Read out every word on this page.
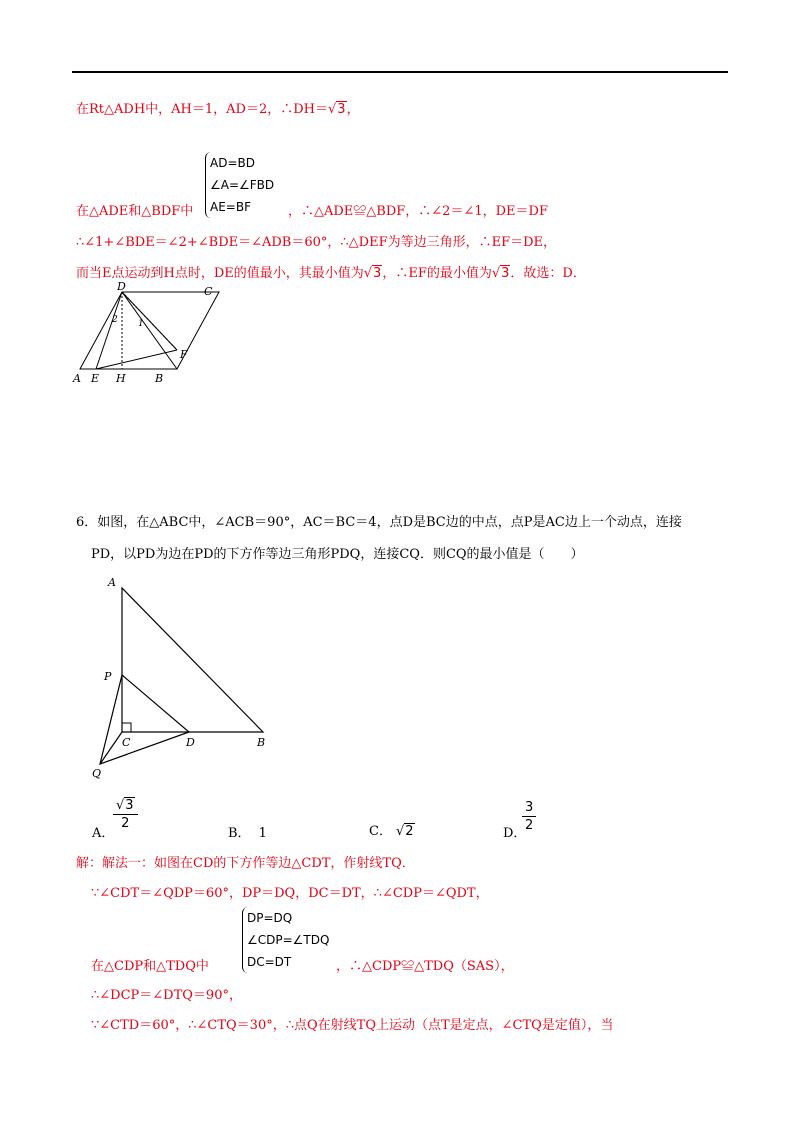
在Rt△ADH中，AH＝1，AD＝2，∴DH＝√3，
AD=BD
∠A=∠FBD
AE=BF
在△ADE和△BDF中	，∴△ADE≌△BDF，∴∠2＝∠1，DE＝DF
∴∠1+∠BDE＝∠2+∠BDE＝∠ADB＝60°，∴△DEF为等边三角形，∴EF＝DE，
而当E点运动到H点时，DE的值最小，其最小值为√3，∴EF的最小值为√3．故选：D．
D	C
A E H	B
F
1
2
6．如图，在△ABC中，∠ACB＝90°，AC＝BC＝4，点D是BC边的中点，点P是AC边上一个动点，连接
PD，以PD为边在PD的下方作等边三角形PDQ，连接CQ．则CQ的最小值是（　　）
A
P
C	D	B
Q
A．
$\frac{√3}{2}$
B． 1	C． √2	D．
$\frac{3}{2}$
解：解法一：如图在CD的下方作等边△CDT，作射线TQ．
∵∠CDT＝∠QDP＝60°，DP＝DQ，DC＝DT，∴∠CDP＝∠QDT，
DP=DQ
∠CDP=∠TDQ
DC=DT
在△CDP和△TDQ中	，∴△CDP≌△TDQ（SAS），
∴∠DCP＝∠DTQ＝90°，
∵∠CTD＝60°，∴∠CTQ＝30°，∴点Q在射线TQ上运动（点T是定点，∠CTQ是定值），当
